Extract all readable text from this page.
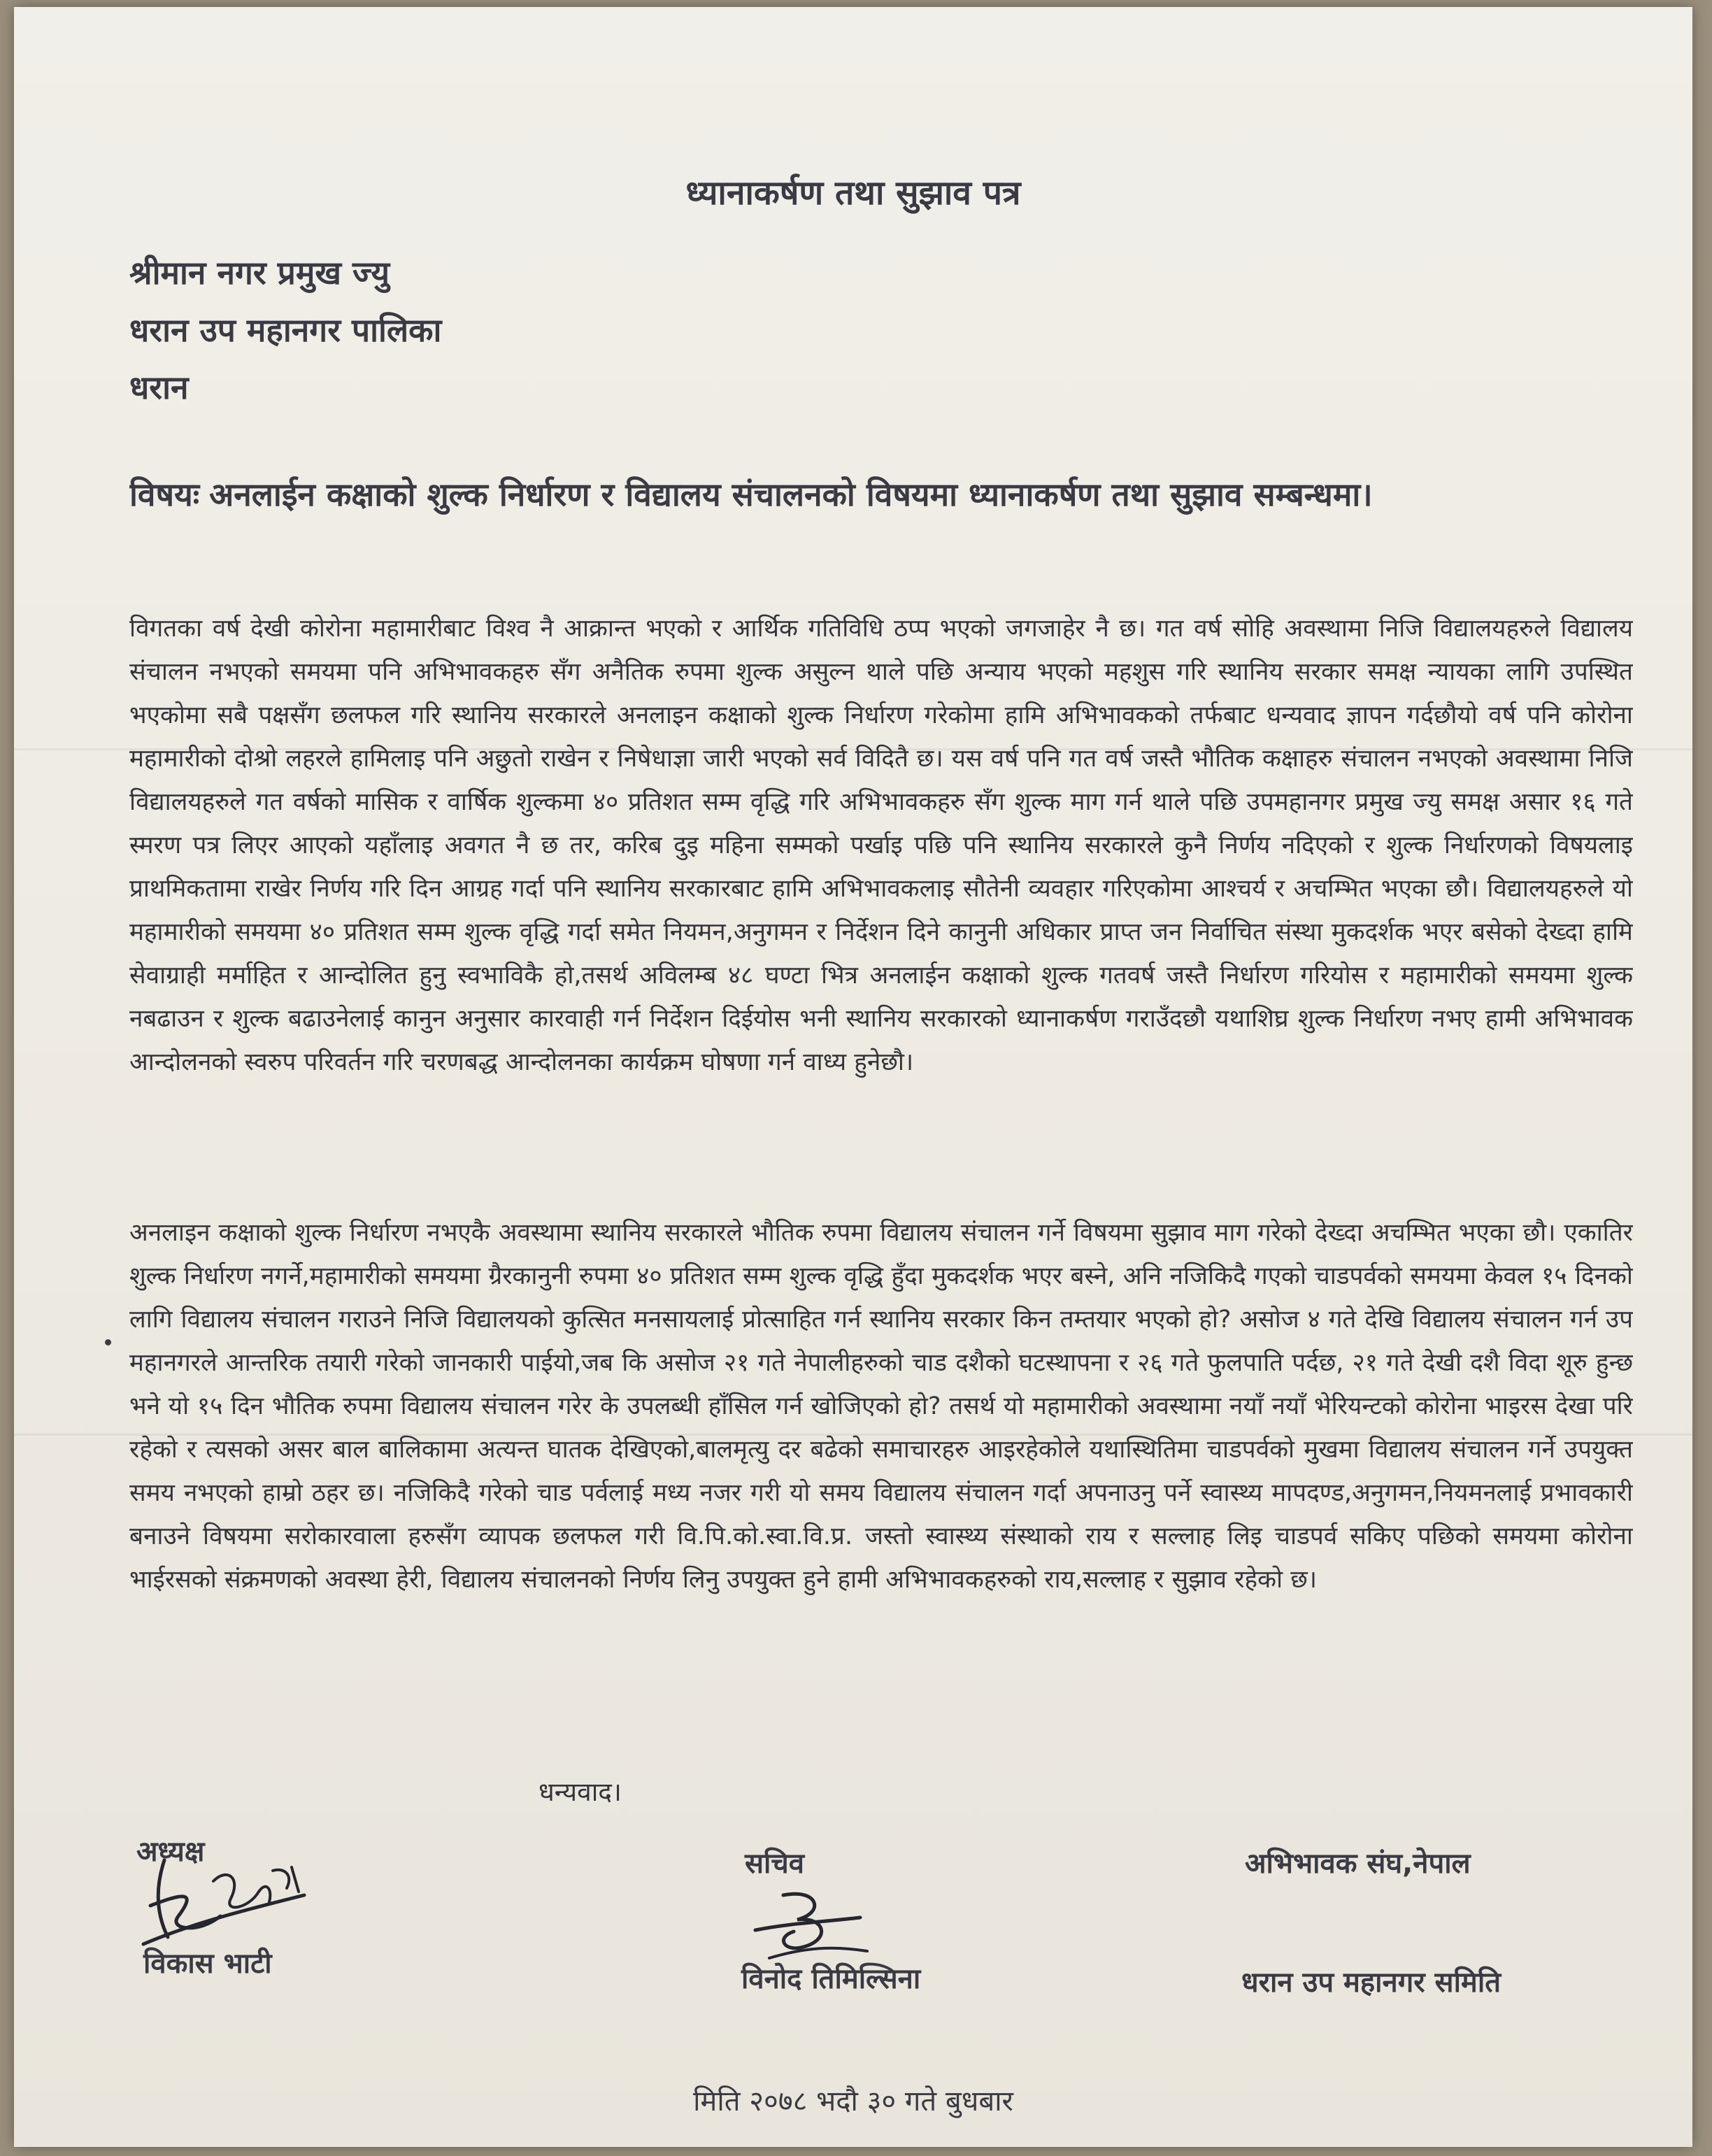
ध्यानाकर्षण तथा सुझाव पत्र
श्रीमान नगर प्रमुख ज्यु
धरान उप महानगर पालिका
धरान
विषयः अनलाईन कक्षाको शुल्क निर्धारण र विद्यालय संचालनको विषयमा ध्यानाकर्षण तथा सुझाव सम्बन्धमा।
विगतका वर्ष देखी कोरोना महामारीबाट विश्व नै आक्रान्त भएको र आर्थिक गतिविधि ठप्प भएको जगजाहेर नै छ। गत वर्ष सोहि अवस्थामा निजि विद्यालयहरुले विद्यालय संचालन नभएको समयमा पनि अभिभावकहरु सँग अनैतिक रुपमा शुल्क असुल्न थाले पछि अन्याय भएको महशुस गरि स्थानिय सरकार समक्ष न्यायका लागि उपस्थित भएकोमा सबै पक्षसँग छलफल गरि स्थानिय सरकारले अनलाइन कक्षाको शुल्क निर्धारण गरेकोमा हामि अभिभावकको तर्फबाट धन्यवाद ज्ञापन गर्दछौयो वर्ष पनि कोरोना महामारीको दोश्रो लहरले हामिलाइ पनि अछुतो राखेन र निषेधाज्ञा जारी भएको सर्व विदितै छ। यस वर्ष पनि गत वर्ष जस्तै भौतिक कक्षाहरु संचालन नभएको अवस्थामा निजि विद्यालयहरुले गत वर्षको मासिक र वार्षिक शुल्कमा ४० प्रतिशत सम्म वृद्धि गरि अभिभावकहरु सँग शुल्क माग गर्न थाले पछि उपमहानगर प्रमुख ज्यु समक्ष असार १६ गते स्मरण पत्र लिएर आएको यहाँलाइ अवगत नै छ तर, करिब दुइ महिना सम्मको पर्खाइ पछि पनि स्थानिय सरकारले कुनै निर्णय नदिएको र शुल्क निर्धारणको विषयलाइ प्राथमिकतामा राखेर निर्णय गरि दिन आग्रह गर्दा पनि स्थानिय सरकारबाट हामि अभिभावकलाइ सौतेनी व्यवहार गरिएकोमा आश्चर्य र अचम्भित भएका छौ। विद्यालयहरुले यो महामारीको समयमा ४० प्रतिशत सम्म शुल्क वृद्धि गर्दा समेत नियमन,अनुगमन र निर्देशन दिने कानुनी अधिकार प्राप्त जन निर्वाचित संस्था मुकदर्शक भएर बसेको देख्दा हामि सेवाग्राही मर्माहित र आन्दोलित हुनु स्वभाविकै हो,तसर्थ अविलम्ब ४८ घण्टा भित्र अनलाईन कक्षाको शुल्क गतवर्ष जस्तै निर्धारण गरियोस र महामारीको समयमा शुल्क नबढाउन र शुल्क बढाउनेलाई कानुन अनुसार कारवाही गर्न निर्देशन दिईयोस भनी स्थानिय सरकारको ध्यानाकर्षण गराउँदछौ यथाशिघ्र शुल्क निर्धारण नभए हामी अभिभावक आन्दोलनको स्वरुप परिवर्तन गरि चरणबद्ध आन्दोलनका कार्यक्रम घोषणा गर्न वाध्य हुनेछौ।
अनलाइन कक्षाको शुल्क निर्धारण नभएकै अवस्थामा स्थानिय सरकारले भौतिक रुपमा विद्यालय संचालन गर्ने विषयमा सुझाव माग गरेको देख्दा अचम्भित भएका छौ। एकातिर शुल्क निर्धारण नगर्ने,महामारीको समयमा ग्रैरकानुनी रुपमा ४० प्रतिशत सम्म शुल्क वृद्धि हुँदा मुकदर्शक भएर बस्ने, अनि नजिकिदै गएको चाडपर्वको समयमा केवल १५ दिनको लागि विद्यालय संचालन गराउने निजि विद्यालयको कुत्सित मनसायलाई प्रोत्साहित गर्न स्थानिय सरकार किन तम्तयार भएको हो? असोज ४ गते देखि विद्यालय संचालन गर्न उप महानगरले आन्तरिक तयारी गरेको जानकारी पाईयो,जब कि असोज २१ गते नेपालीहरुको चाड दशैको घटस्थापना र २६ गते फुलपाति पर्दछ, २१ गते देखी दशै विदा शूरु हुन्छ भने यो १५ दिन भौतिक रुपमा विद्यालय संचालन गरेर के उपलब्धी हाँसिल गर्न खोजिएको हो? तसर्थ यो महामारीको अवस्थामा नयाँ नयाँ भेरियन्टको कोरोना भाइरस देखा परि रहेको र त्यसको असर बाल बालिकामा अत्यन्त घातक देखिएको,बालमृत्यु दर बढेको समाचारहरु आइरहेकोले यथास्थितिमा चाडपर्वको मुखमा विद्यालय संचालन गर्ने उपयुक्त समय नभएको हाम्रो ठहर छ। नजिकिदै गरेको चाड पर्वलाई मध्य नजर गरी यो समय विद्यालय संचालन गर्दा अपनाउनु पर्ने स्वास्थ्य मापदण्ड,अनुगमन,नियमनलाई प्रभावकारी बनाउने विषयमा सरोकारवाला हरुसँग व्यापक छलफल गरी वि.पि.को.स्वा.वि.प्र. जस्तो स्वास्थ्य संस्थाको राय र सल्लाह लिइ चाडपर्व सकिए पछिको समयमा कोरोना भाईरसको संक्रमणको अवस्था हेरी, विद्यालय संचालनको निर्णय लिनु उपयुक्त हुने हामी अभिभावकहरुको राय,सल्लाह र सुझाव रहेको छ।
धन्यवाद।
अध्यक्ष
विकास भाटी
सचिव
विनोद तिमिल्सिना
अभिभावक संघ,नेपाल
धरान उप महानगर समिति
मिति २०७८ भदौ ३० गते बुधबार
